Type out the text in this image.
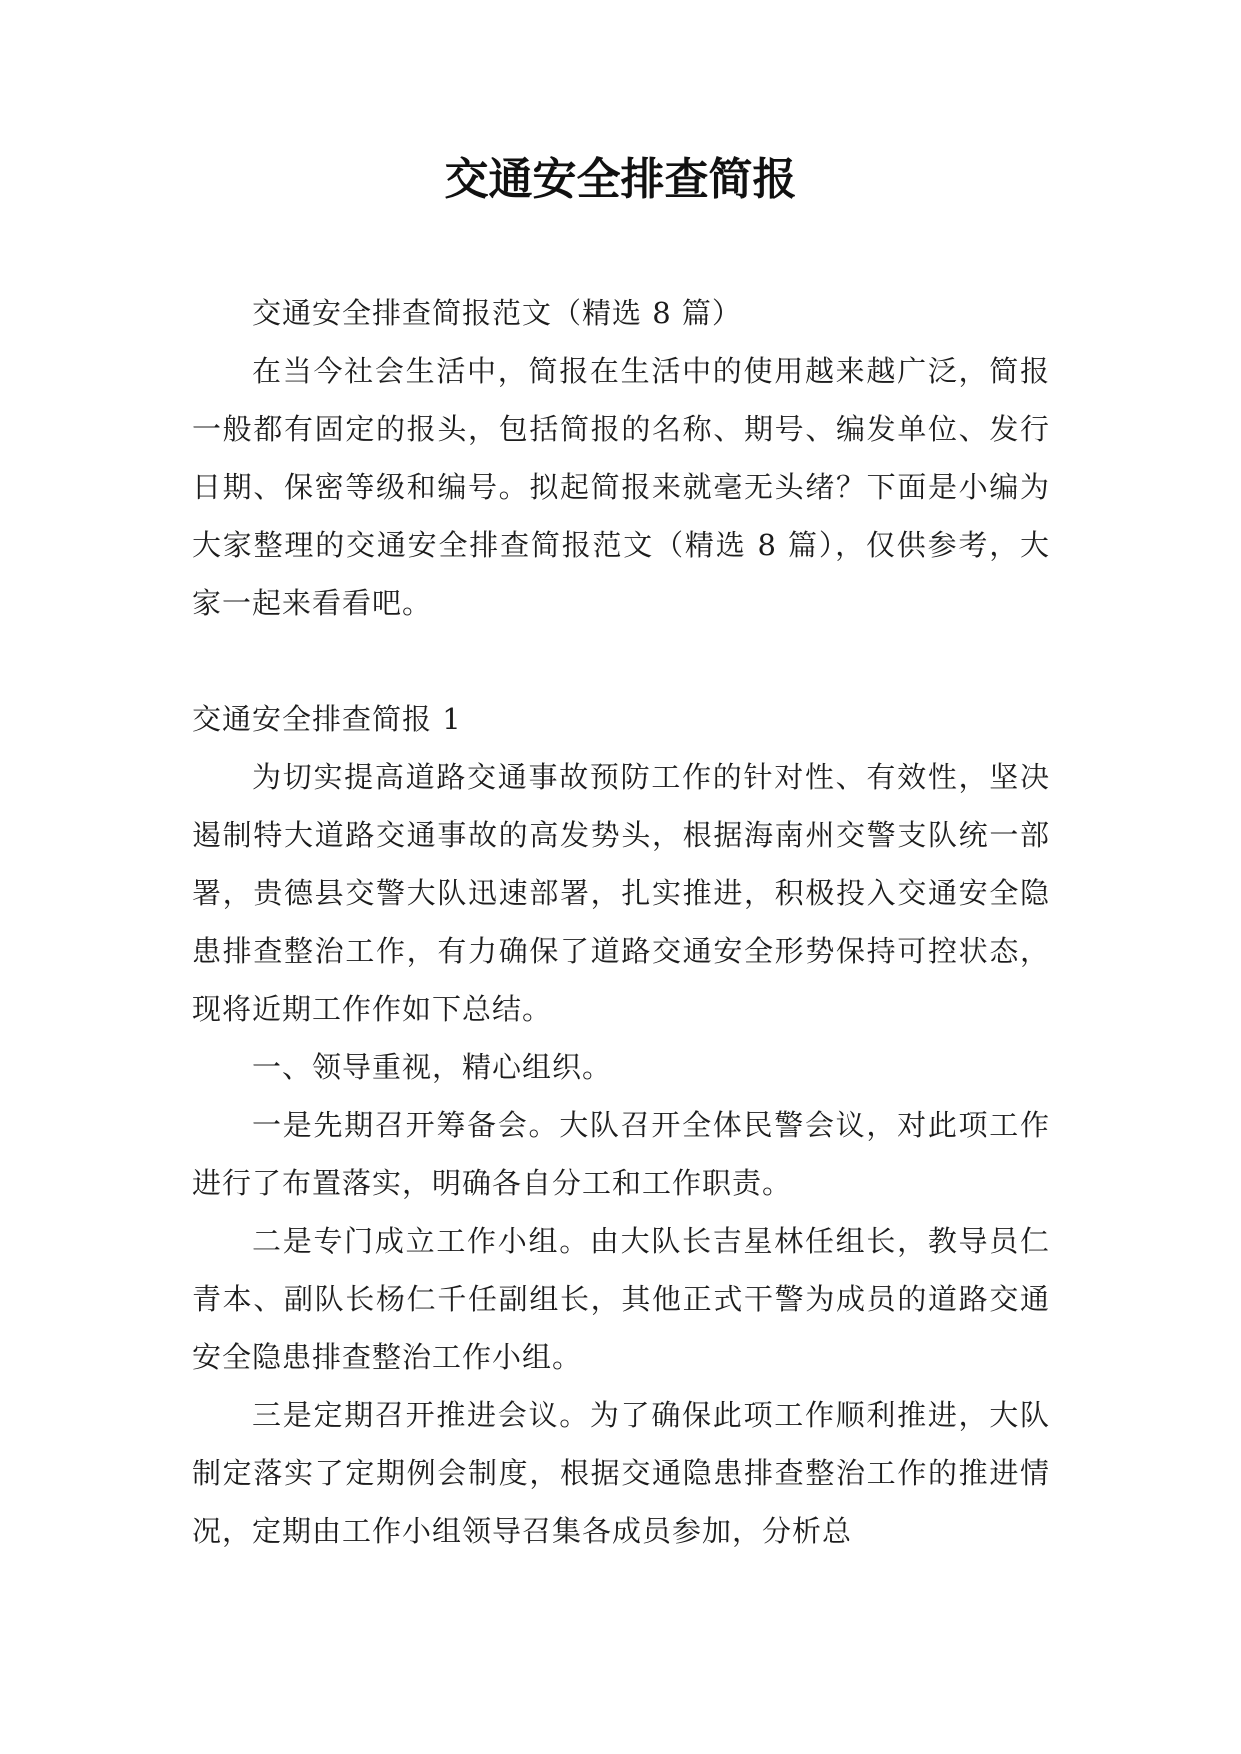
交通安全排查简报

交通安全排查简报范文（精选 8 篇）

在当今社会生活中，简报在生活中的使用越来越广泛，简报一般都有固定的报头，包括简报的名称、期号、编发单位、发行日期、保密等级和编号。拟起简报来就毫无头绪？下面是小编为大家整理的交通安全排查简报范文（精选 8 篇），仅供参考，大家一起来看看吧。

交通安全排查简报 1

为切实提高道路交通事故预防工作的针对性、有效性，坚决遏制特大道路交通事故的高发势头，根据海南州交警支队统一部署，贵德县交警大队迅速部署，扎实推进，积极投入交通安全隐患排查整治工作，有力确保了道路交通安全形势保持可控状态，现将近期工作作如下总结。

一、领导重视，精心组织。

一是先期召开筹备会。大队召开全体民警会议，对此项工作进行了布置落实，明确各自分工和工作职责。

二是专门成立工作小组。由大队长吉星林任组长，教导员仁青本、副队长杨仁千任副组长，其他正式干警为成员的道路交通安全隐患排查整治工作小组。

三是定期召开推进会议。为了确保此项工作顺利推进，大队制定落实了定期例会制度，根据交通隐患排查整治工作的推进情况，定期由工作小组领导召集各成员参加，分析总
